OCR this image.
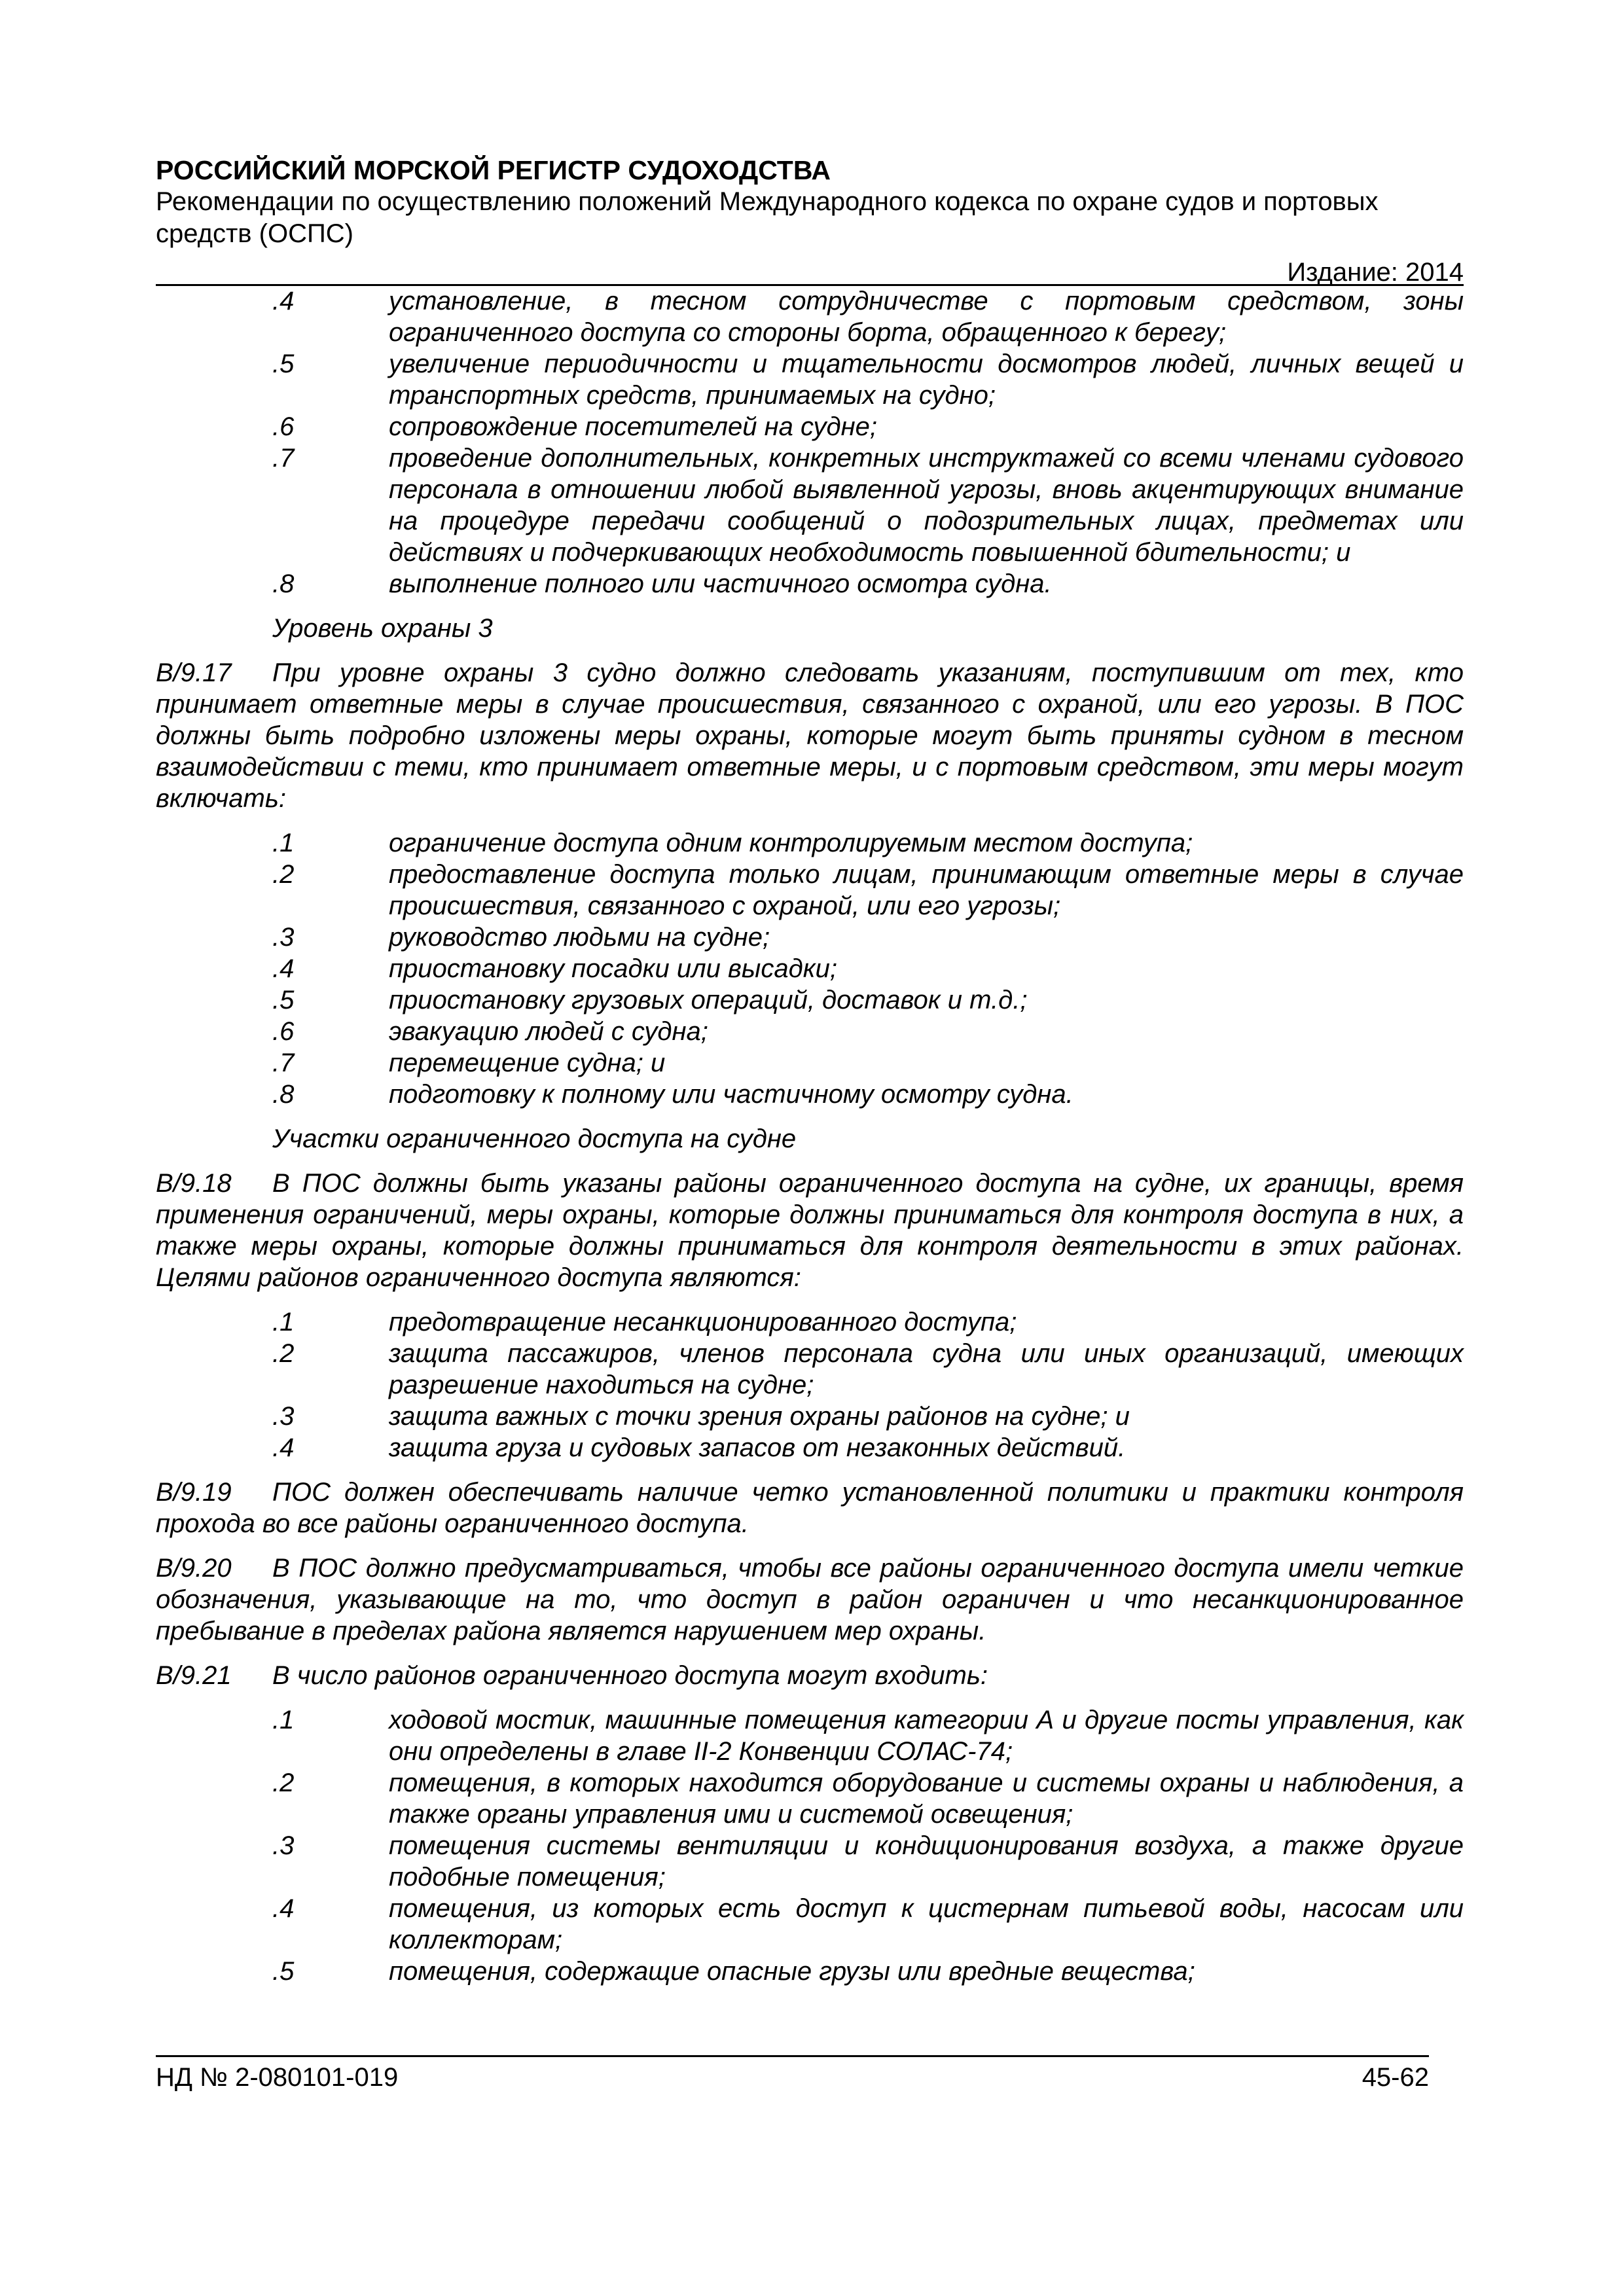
РОССИЙСКИЙ МОРСКОЙ РЕГИСТР СУДОХОДСТВА
Рекомендации по осуществлению положений Международного кодекса по охране судов и портовых средств (ОСПС)
Издание: 2014
.4	установление, в тесном сотрудничестве с портовым средством, зоны ограниченного доступа со стороны борта, обращенного к берегу;
.5	увеличение периодичности и тщательности досмотров людей, личных вещей и транспортных средств, принимаемых на судно;
.6	сопровождение посетителей на судне;
.7	проведение дополнительных, конкретных инструктажей со всеми членами судового персонала в отношении любой выявленной угрозы, вновь акцентирующих внимание на процедуре передачи сообщений о подозрительных лицах, предметах или действиях и подчеркивающих необходимость повышенной бдительности; и
.8	выполнение полного или частичного осмотра судна.
Уровень охраны 3
B/9.17 При уровне охраны 3 судно должно следовать указаниям, поступившим от тех, кто принимает ответные меры в случае происшествия, связанного с охраной, или его угрозы. В ПОС должны быть подробно изложены меры охраны, которые могут быть приняты судном в тесном взаимодействии с теми, кто принимает ответные меры, и с портовым средством, эти меры могут включать:
.1	ограничение доступа одним контролируемым местом доступа;
.2	предоставление доступа только лицам, принимающим ответные меры в случае происшествия, связанного с охраной, или его угрозы;
.3	руководство людьми на судне;
.4	приостановку посадки или высадки;
.5	приостановку грузовых операций, доставок и т.д.;
.6	эвакуацию людей с судна;
.7	перемещение судна; и
.8	подготовку к полному или частичному осмотру судна.
Участки ограниченного доступа на судне
B/9.18 В ПОС должны быть указаны районы ограниченного доступа на судне, их границы, время применения ограничений, меры охраны, которые должны приниматься для контроля доступа в них, а также меры охраны, которые должны приниматься для контроля деятельности в этих районах. Целями районов ограниченного доступа являются:
.1	предотвращение несанкционированного доступа;
.2	защита пассажиров, членов персонала судна или иных организаций, имеющих разрешение находиться на судне;
.3	защита важных с точки зрения охраны районов на судне; и
.4	защита груза и судовых запасов от незаконных действий.
B/9.19 ПОС должен обеспечивать наличие четко установленной политики и практики контроля прохода во все районы ограниченного доступа.
B/9.20 В ПОС должно предусматриваться, чтобы все районы ограниченного доступа имели четкие обозначения, указывающие на то, что доступ в район ограничен и что несанкционированное пребывание в пределах района является нарушением мер охраны.
B/9.21 В число районов ограниченного доступа могут входить:
.1	ходовой мостик, машинные помещения категории А и другие посты управления, как они определены в главе II-2 Конвенции СОЛАС-74;
.2	помещения, в которых находится оборудование и системы охраны и наблюдения, а также органы управления ими и системой освещения;
.3	помещения системы вентиляции и кондиционирования воздуха, а также другие подобные помещения;
.4	помещения, из которых есть доступ к цистернам питьевой воды, насосам или коллекторам;
.5	помещения, содержащие опасные грузы или вредные вещества;
НД № 2-080101-019	45-62
